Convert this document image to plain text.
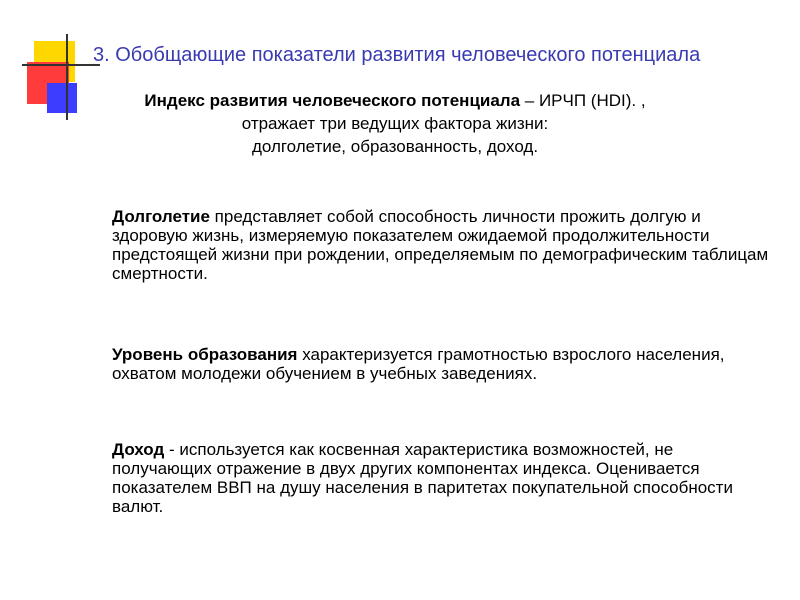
3. Обобщающие показатели развития человеческого потенциала
Индекс развития человеческого потенциала – ИРЧП (HDI). ,
отражает три ведущих фактора жизни:
долголетие, образованность, доход.
Долголетие представляет собой способность личности прожить долгую и здоровую жизнь, измеряемую показателем ожидаемой продолжительности предстоящей жизни при рождении, определяемым по демографическим таблицам смертности.
Уровень образования характеризуется грамотностью взрослого населения, охватом молодежи обучением в учебных заведениях.
Доход - используется как косвенная характеристика возможностей, не получающих отражение в двух других компонентах индекса. Оценивается показателем ВВП на душу населения в паритетах покупательной способности валют.
